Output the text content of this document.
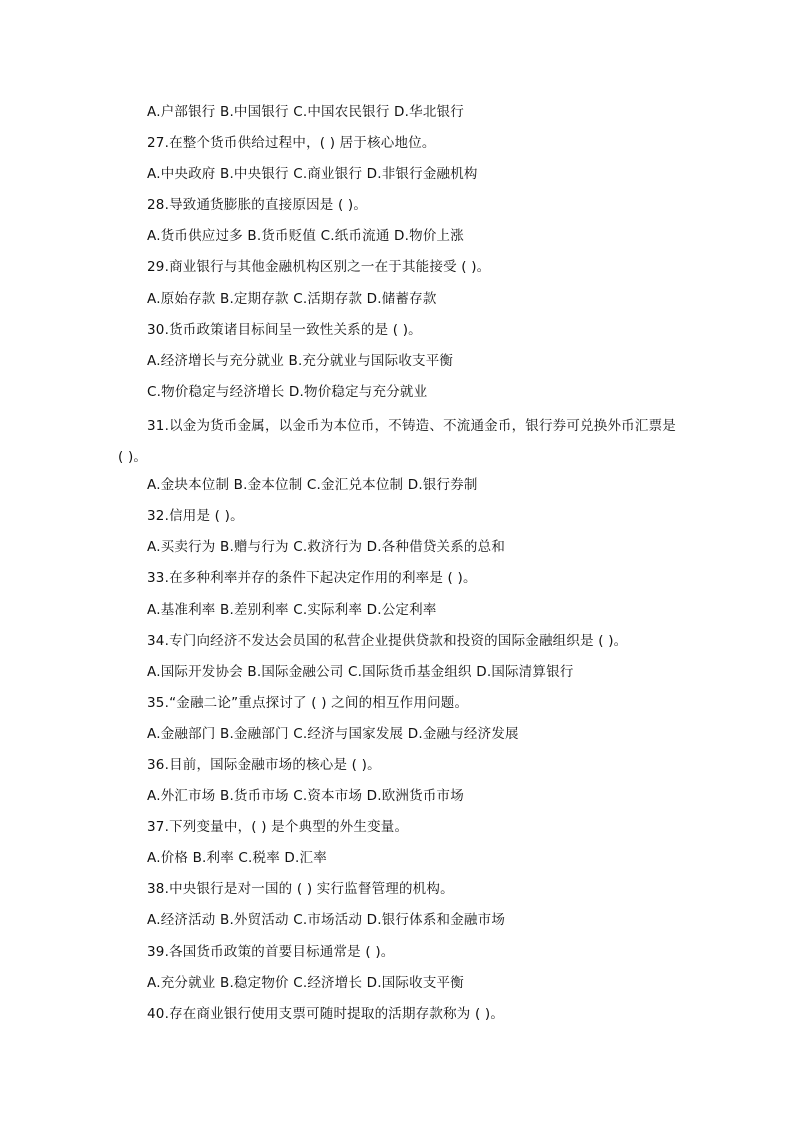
A.户部银行 B.中国银行 C.中国农民银行 D.华北银行
27.在整个货币供给过程中，( ) 居于核心地位。
A.中央政府 B.中央银行 C.商业银行 D.非银行金融机构
28.导致通货膨胀的直接原因是 ( )。
A.货币供应过多 B.货币贬值 C.纸币流通 D.物价上涨
29.商业银行与其他金融机构区别之一在于其能接受 ( )。
A.原始存款 B.定期存款 C.活期存款 D.储蓄存款
30.货币政策诸目标间呈一致性关系的是 ( )。
A.经济增长与充分就业 B.充分就业与国际收支平衡
C.物价稳定与经济增长 D.物价稳定与充分就业
31.以金为货币金属，以金币为本位币，不铸造、不流通金币，银行券可兑换外币汇票是 ( )。
A.金块本位制 B.金本位制 C.金汇兑本位制 D.银行券制
32.信用是 ( )。
A.买卖行为 B.赠与行为 C.救济行为 D.各种借贷关系的总和
33.在多种利率并存的条件下起决定作用的利率是 ( )。
A.基准利率 B.差别利率 C.实际利率 D.公定利率
34.专门向经济不发达会员国的私营企业提供贷款和投资的国际金融组织是 ( )。
A.国际开发协会 B.国际金融公司 C.国际货币基金组织 D.国际清算银行
35.“金融二论”重点探讨了 ( ) 之间的相互作用问题。
A.金融部门 B.金融部门 C.经济与国家发展 D.金融与经济发展
36.目前，国际金融市场的核心是 ( )。
A.外汇市场 B.货币市场 C.资本市场 D.欧洲货币市场
37.下列变量中，( ) 是个典型的外生变量。
A.价格 B.利率 C.税率 D.汇率
38.中央银行是对一国的 ( ) 实行监督管理的机构。
A.经济活动 B.外贸活动 C.市场活动 D.银行体系和金融市场
39.各国货币政策的首要目标通常是 ( )。
A.充分就业 B.稳定物价 C.经济增长 D.国际收支平衡
40.存在商业银行使用支票可随时提取的活期存款称为 ( )。
